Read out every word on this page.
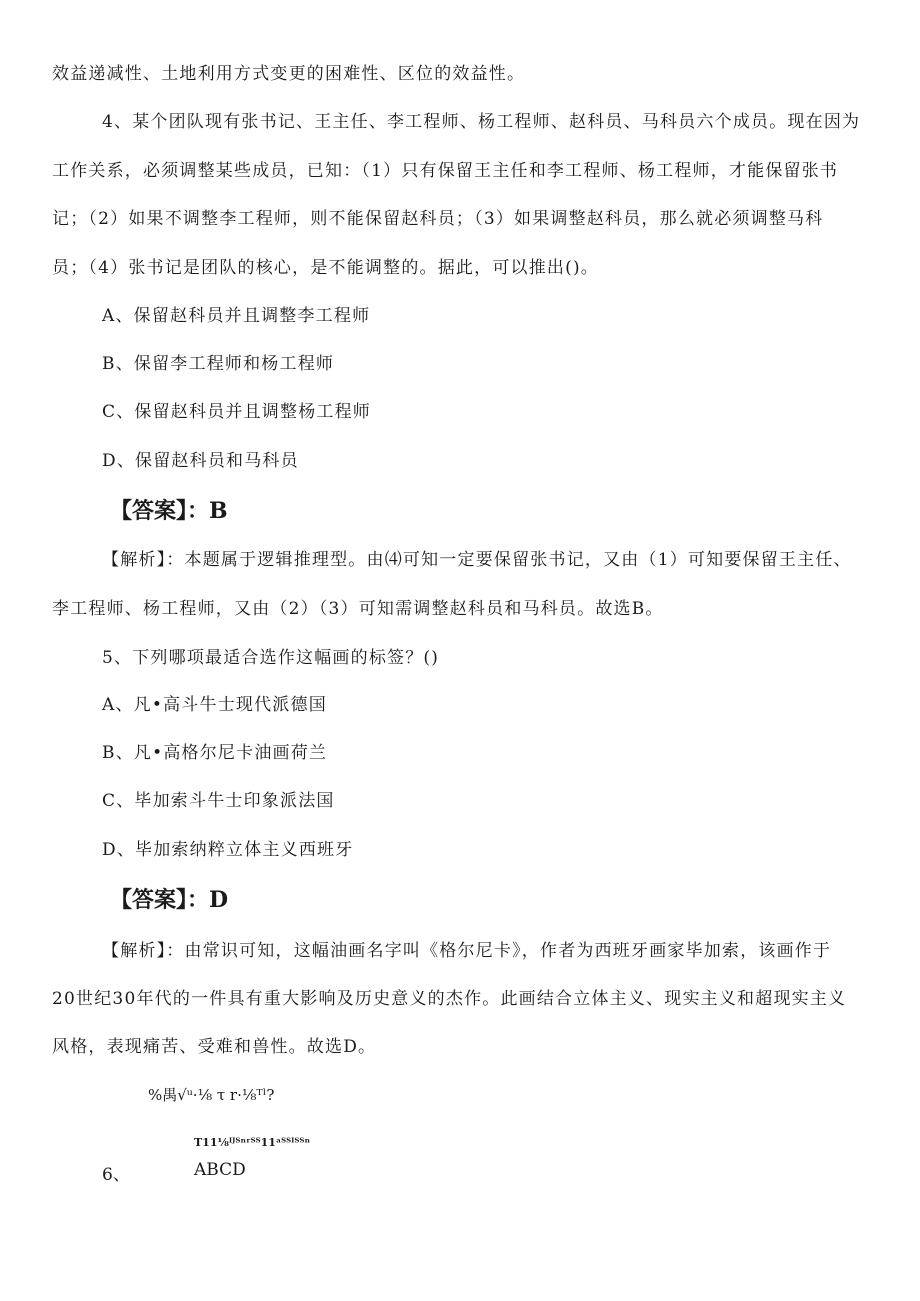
效益递减性、土地利用方式变更的困难性、区位的效益性。
4、某个团队现有张书记、王主任、李工程师、杨工程师、赵科员、马科员六个成员。现在因为
工作关系，必须调整某些成员，已知：（1）只有保留王主任和李工程师、杨工程师，才能保留张书
记；（2）如果不调整李工程师，则不能保留赵科员；（3）如果调整赵科员，那么就必须调整马科
员；（4）张书记是团队的核心，是不能调整的。据此，可以推出()。
A、保留赵科员并且调整李工程师
B、保留李工程师和杨工程师
C、保留赵科员并且调整杨工程师
D、保留赵科员和马科员
【答案】：B
【解析】：本题属于逻辑推理型。由⑷可知一定要保留张书记，又由（1）可知要保留王主任、
李工程师、杨工程师，又由（2）（3）可知需调整赵科员和马科员。故选B。
5、下列哪项最适合选作这幅画的标签？()
A、凡•高斗牛士现代派德国
B、凡•高格尔尼卡油画荷兰
C、毕加索斗牛士印象派法国
D、毕加索纳粹立体主义西班牙
【答案】：D
【解析】：由常识可知，这幅油画名字叫《格尔尼卡》，作者为西班牙画家毕加索，该画作于
20世纪30年代的一件具有重大影响及历史意义的杰作。此画结合立体主义、现实主义和超现实主义
风格，表现痛苦、受难和兽性。故选D。
%禺√ᵘ·⅛ τ r·⅛ᵀˡ?
T11⅛ᴵᴶᵀⁿʳᵀᵀ11ᵃᵀᵀᴵᵀᵀⁿ
6、	ABCD
